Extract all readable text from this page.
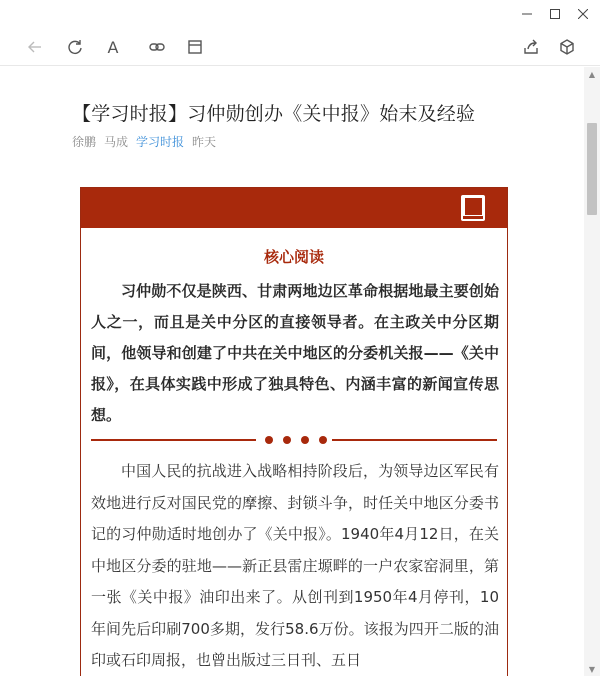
A
【学习时报】习仲勋创办《关中报》始末及经验
徐鹏 马成 学习时报 昨天
核心阅读
习仲勋不仅是陕西、甘肃两地边区革命根据地最主要创始人之一，而且是关中分区的直接领导者。在主政关中分区期间，他领导和创建了中共在关中地区的分委机关报——《关中报》，在具体实践中形成了独具特色、内涵丰富的新闻宣传思想。
中国人民的抗战进入战略相持阶段后，为领导边区军民有效地进行反对国民党的摩擦、封锁斗争，时任关中地区分委书记的习仲勋适时地创办了《关中报》。1940年4月12日，在关中地区分委的驻地——新正县雷庄塬畔的一户农家窑洞里，第一张《关中报》油印出来了。从创刊到1950年4月停刊，10年间先后印刷700多期，发行58.6万份。该报为四开二版的油印或石印周报，也曾出版过三日刊、五日
▲
▼
